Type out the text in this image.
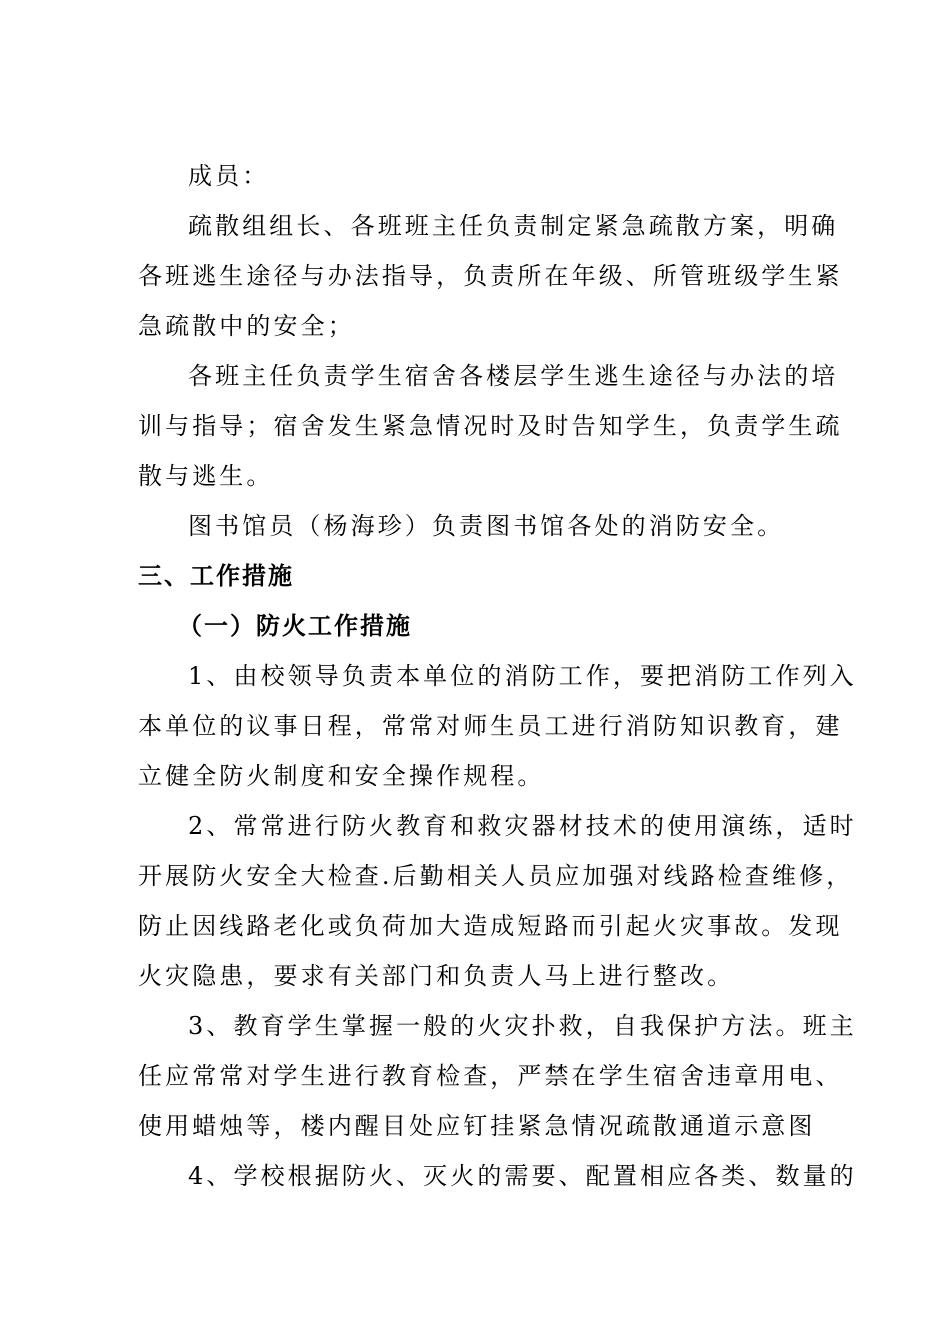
成员：
疏散组组长、各班班主任负责制定紧急疏散方案，明确
各班逃生途径与办法指导，负责所在年级、所管班级学生紧
急疏散中的安全；
各班主任负责学生宿舍各楼层学生逃生途径与办法的培
训与指导；宿舍发生紧急情况时及时告知学生，负责学生疏
散与逃生。
图书馆员（杨海珍）负责图书馆各处的消防安全。
三、工作措施
（一）防火工作措施
1、由校领导负责本单位的消防工作，要把消防工作列入
本单位的议事日程，常常对师生员工进行消防知识教育，建
立健全防火制度和安全操作规程。
2、常常进行防火教育和救灾器材技术的使用演练，适时
开展防火安全大检查.后勤相关人员应加强对线路检查维修，
防止因线路老化或负荷加大造成短路而引起火灾事故。发现
火灾隐患，要求有关部门和负责人马上进行整改。
3、教育学生掌握一般的火灾扑救，自我保护方法。班主
任应常常对学生进行教育检查，严禁在学生宿舍违章用电、
使用蜡烛等，楼内醒目处应钉挂紧急情况疏散通道示意图
4、学校根据防火、灭火的需要、配置相应各类、数量的
